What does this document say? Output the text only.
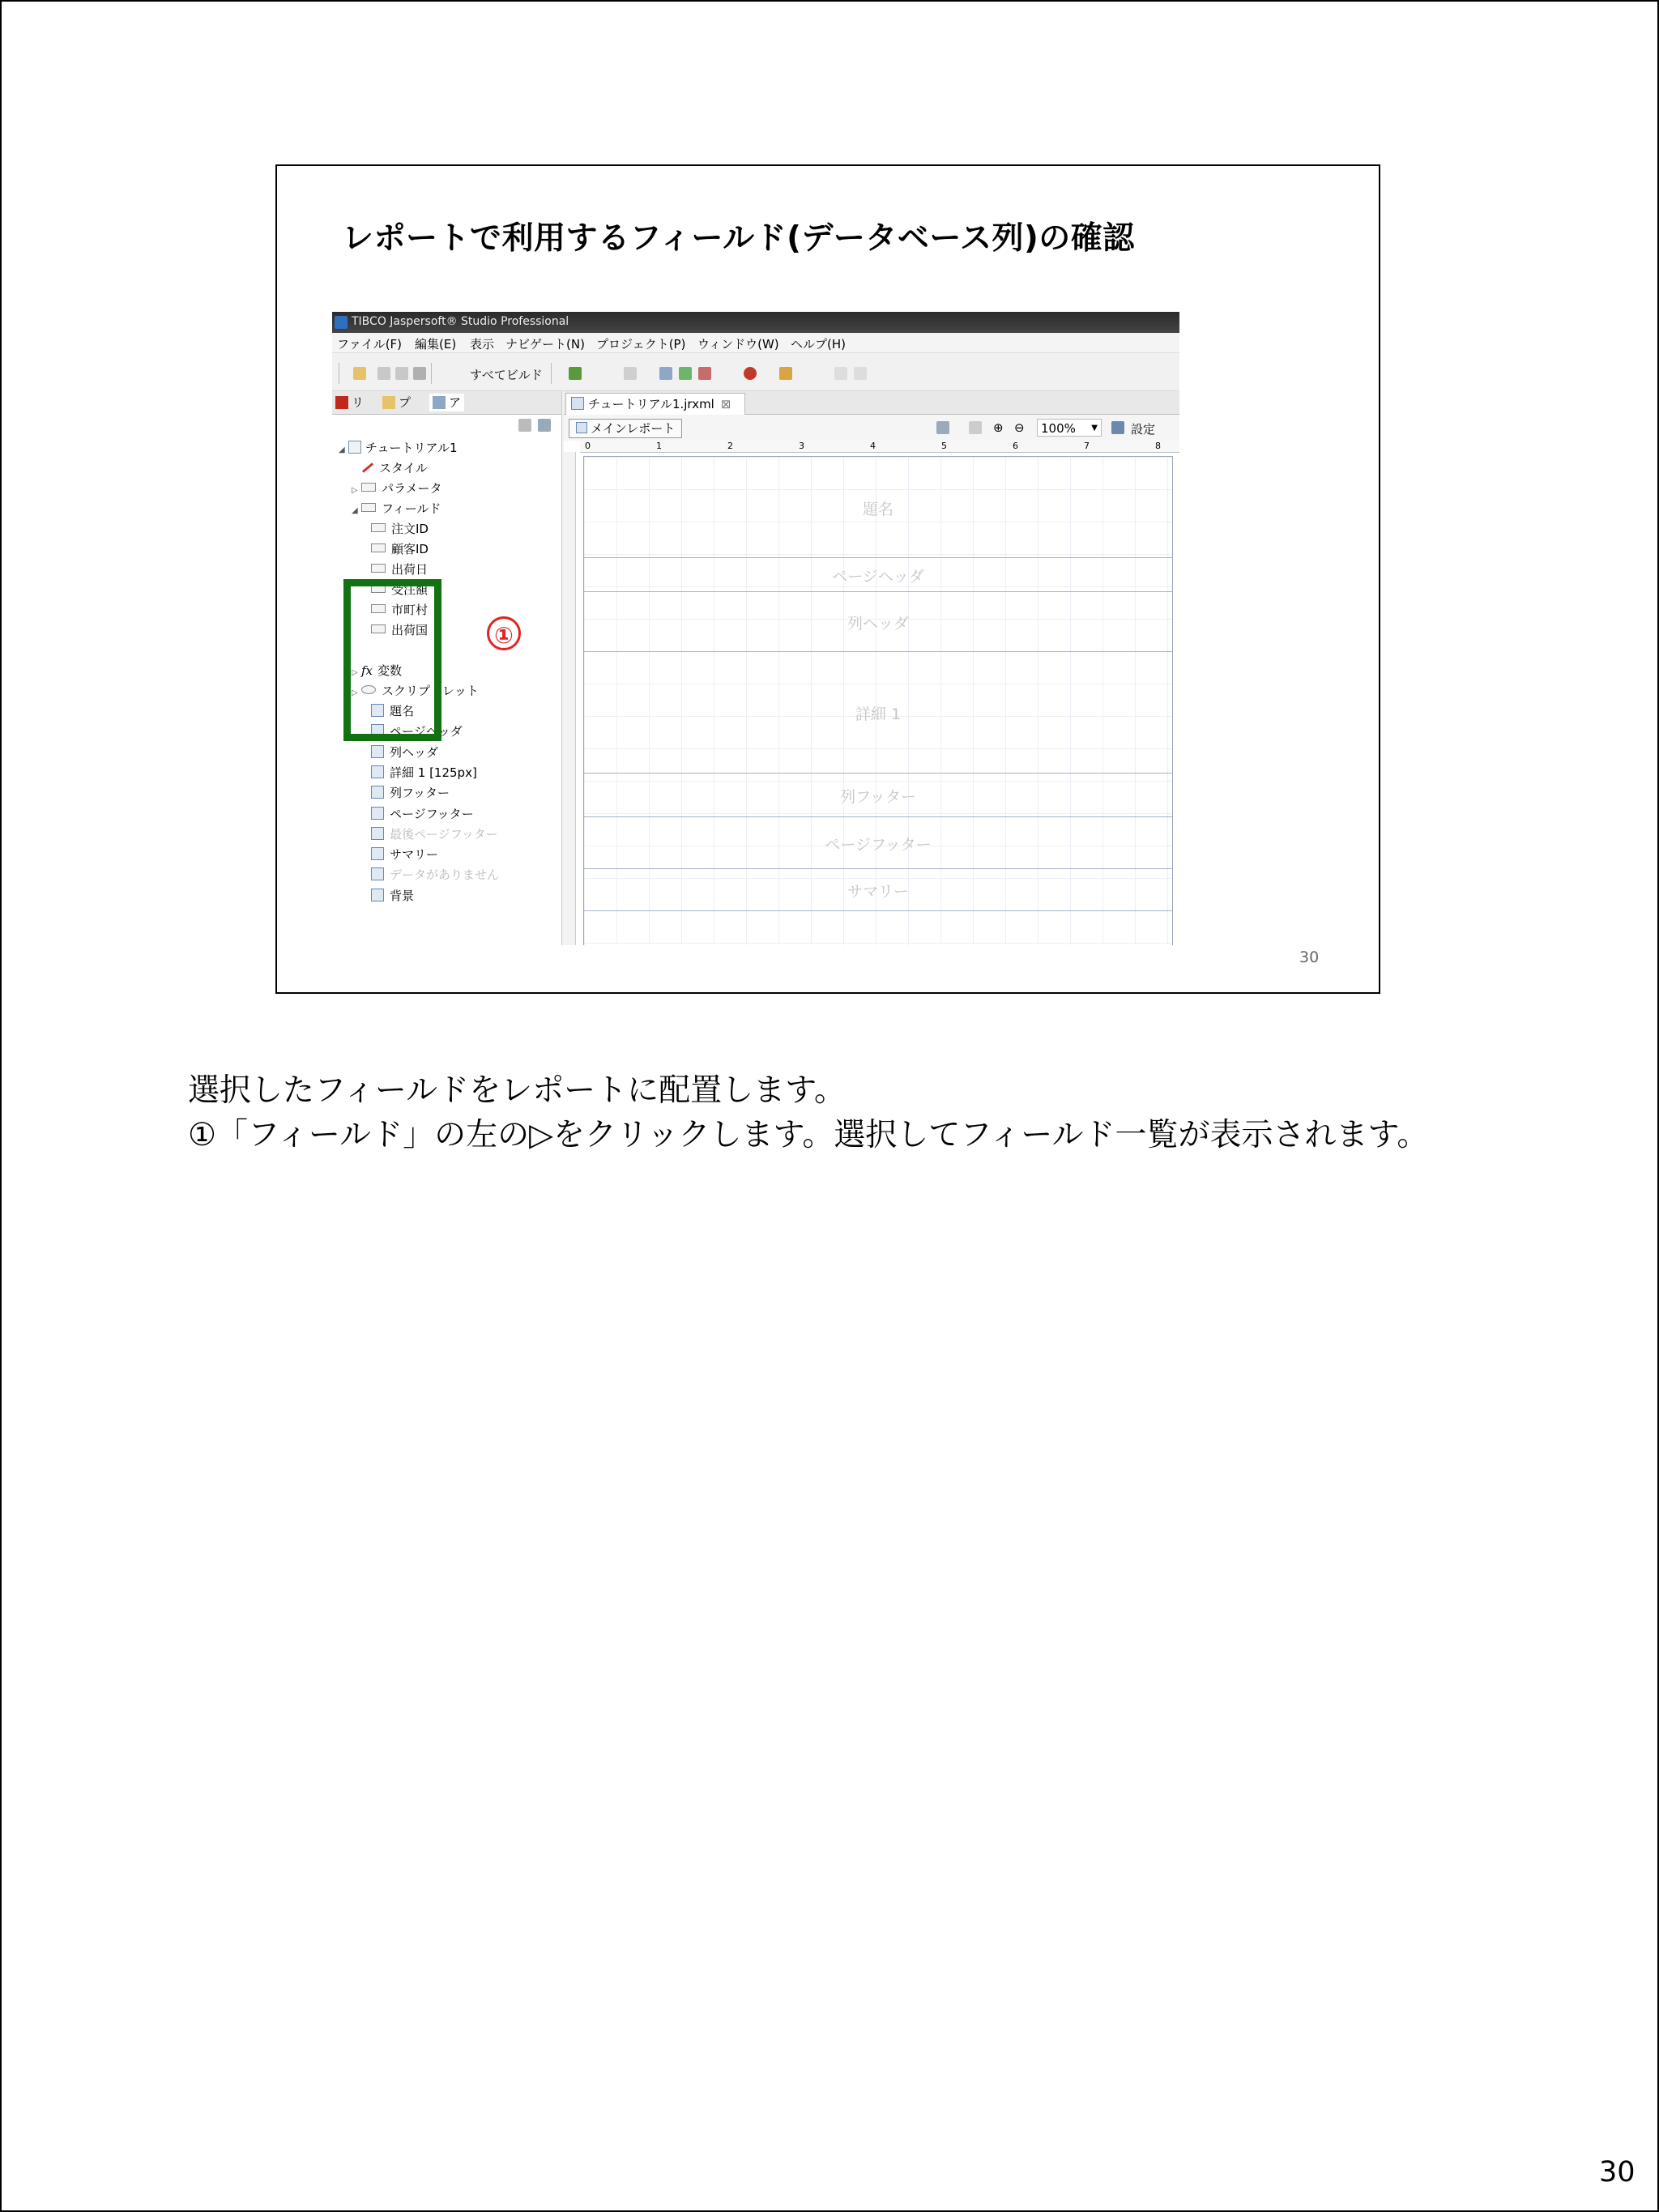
レポートで利用するフィールド(データベース列)の確認
TIBCO Jaspersoft® Studio Professional
ファイル(F) 編集(E) 表示 ナビゲート(N) プロジェクト(P) ウィンドウ(W) ヘルプ(H)
すべてビルド
リ	プ	ア
◢ チュートリアル1
スタイル
▷ パラメータ
◢ フィールド
注文ID
顧客ID
出荷日
受注額
市町村
出荷国
▷ fx 変数
▷ スクリプトレット
題名
ページヘッダ
列ヘッダ
詳細 1 [125px]
列フッター
ページフッター
最後ページフッター
サマリー
データがありません
背景
①
チュートリアル1.jrxml ⊠
メインレポート	⊕ ⊖	100% ▼	設定
0	1	2	3	4	5	6	7	8
題名
ページヘッダ
列ヘッダ
詳細 1
列フッター
ページフッター
サマリー
30
選択したフィールドをレポートに配置します。
①「フィールド」の左の▷をクリックします。選択してフィールド一覧が表示されます。
30
